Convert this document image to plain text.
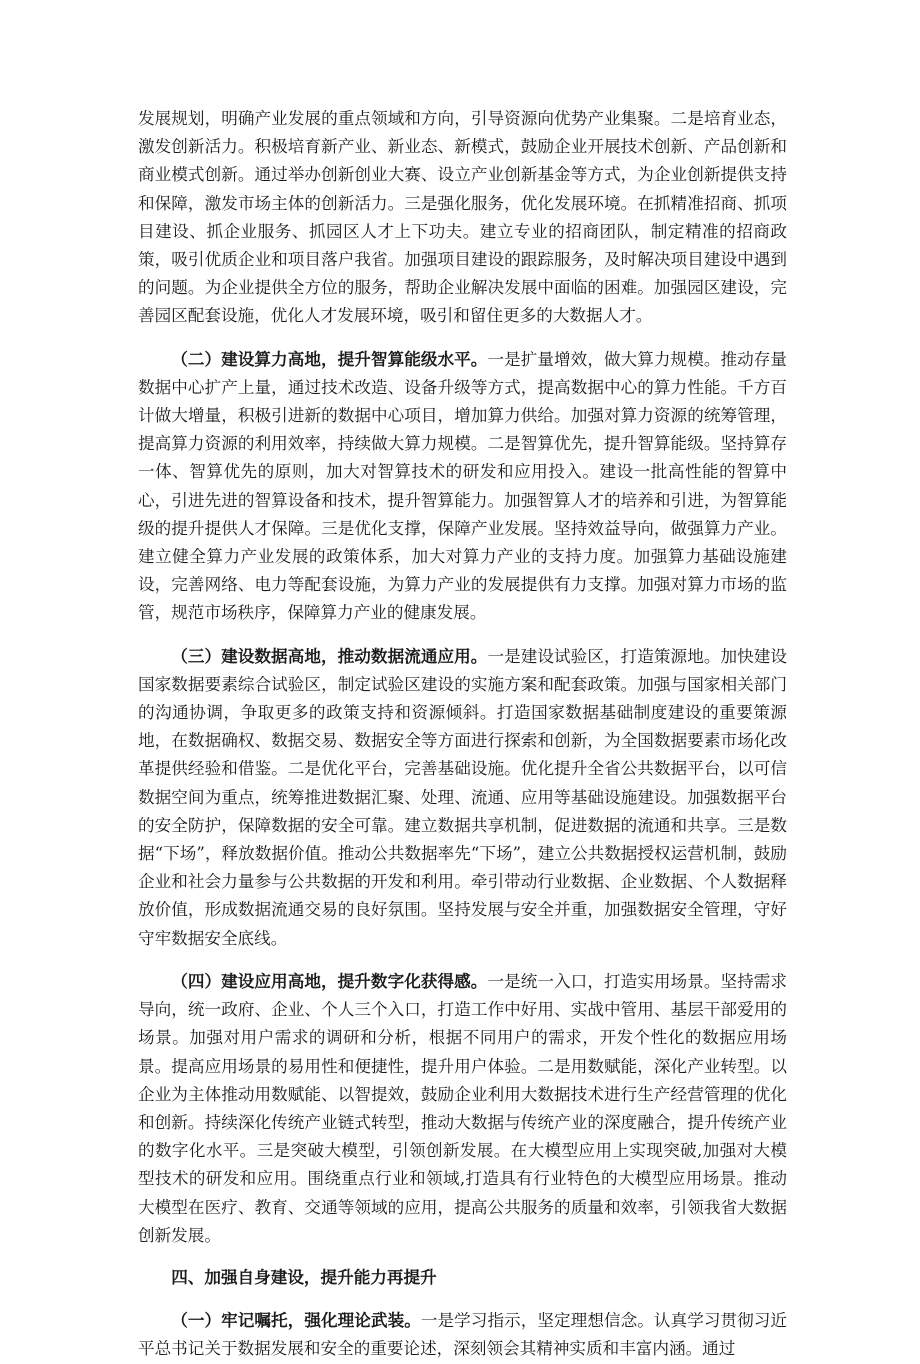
发展规划，明确产业发展的重点领域和方向，引导资源向优势产业集聚。二是培育业态，激发创新活力。积极培育新产业、新业态、新模式，鼓励企业开展技术创新、产品创新和商业模式创新。通过举办创新创业大赛、设立产业创新基金等方式，为企业创新提供支持和保障，激发市场主体的创新活力。三是强化服务，优化发展环境。在抓精准招商、抓项目建设、抓企业服务、抓园区人才上下功夫。建立专业的招商团队，制定精准的招商政策，吸引优质企业和项目落户我省。加强项目建设的跟踪服务，及时解决项目建设中遇到的问题。为企业提供全方位的服务，帮助企业解决发展中面临的困难。加强园区建设，完善园区配套设施，优化人才发展环境，吸引和留住更多的大数据人才。

（二）建设算力高地，提升智算能级水平。一是扩量增效，做大算力规模。推动存量数据中心扩产上量，通过技术改造、设备升级等方式，提高数据中心的算力性能。千方百计做大增量，积极引进新的数据中心项目，增加算力供给。加强对算力资源的统筹管理，提高算力资源的利用效率，持续做大算力规模。二是智算优先，提升智算能级。坚持算存一体、智算优先的原则，加大对智算技术的研发和应用投入。建设一批高性能的智算中心，引进先进的智算设备和技术，提升智算能力。加强智算人才的培养和引进，为智算能级的提升提供人才保障。三是优化支撑，保障产业发展。坚持效益导向，做强算力产业。建立健全算力产业发展的政策体系，加大对算力产业的支持力度。加强算力基础设施建设，完善网络、电力等配套设施，为算力产业的发展提供有力支撑。加强对算力市场的监管，规范市场秩序，保障算力产业的健康发展。

（三）建设数据高地，推动数据流通应用。一是建设试验区，打造策源地。加快建设国家数据要素综合试验区，制定试验区建设的实施方案和配套政策。加强与国家相关部门的沟通协调，争取更多的政策支持和资源倾斜。打造国家数据基础制度建设的重要策源地，在数据确权、数据交易、数据安全等方面进行探索和创新，为全国数据要素市场化改革提供经验和借鉴。二是优化平台，完善基础设施。优化提升全省公共数据平台，以可信数据空间为重点，统筹推进数据汇聚、处理、流通、应用等基础设施建设。加强数据平台的安全防护，保障数据的安全可靠。建立数据共享机制，促进数据的流通和共享。三是数据“下场”，释放数据价值。推动公共数据率先“下场”，建立公共数据授权运营机制，鼓励企业和社会力量参与公共数据的开发和利用。牵引带动行业数据、企业数据、个人数据释放价值，形成数据流通交易的良好氛围。坚持发展与安全并重，加强数据安全管理，守好守牢数据安全底线。

（四）建设应用高地，提升数字化获得感。一是统一入口，打造实用场景。坚持需求导向，统一政府、企业、个人三个入口，打造工作中好用、实战中管用、基层干部爱用的场景。加强对用户需求的调研和分析，根据不同用户的需求，开发个性化的数据应用场景。提高应用场景的易用性和便捷性，提升用户体验。二是用数赋能，深化产业转型。以企业为主体推动用数赋能、以智提效，鼓励企业利用大数据技术进行生产经营管理的优化和创新。持续深化传统产业链式转型，推动大数据与传统产业的深度融合，提升传统产业的数字化水平。三是突破大模型，引领创新发展。在大模型应用上实现突破,加强对大模型技术的研发和应用。围绕重点行业和领域,打造具有行业特色的大模型应用场景。推动大模型在医疗、教育、交通等领域的应用，提高公共服务的质量和效率，引领我省大数据创新发展。

四、加强自身建设，提升能力再提升

（一）牢记嘱托，强化理论武装。一是学习指示，坚定理想信念。认真学习贯彻习近平总书记关于数据发展和安全的重要论述，深刻领会其精神实质和丰富内涵。通过
